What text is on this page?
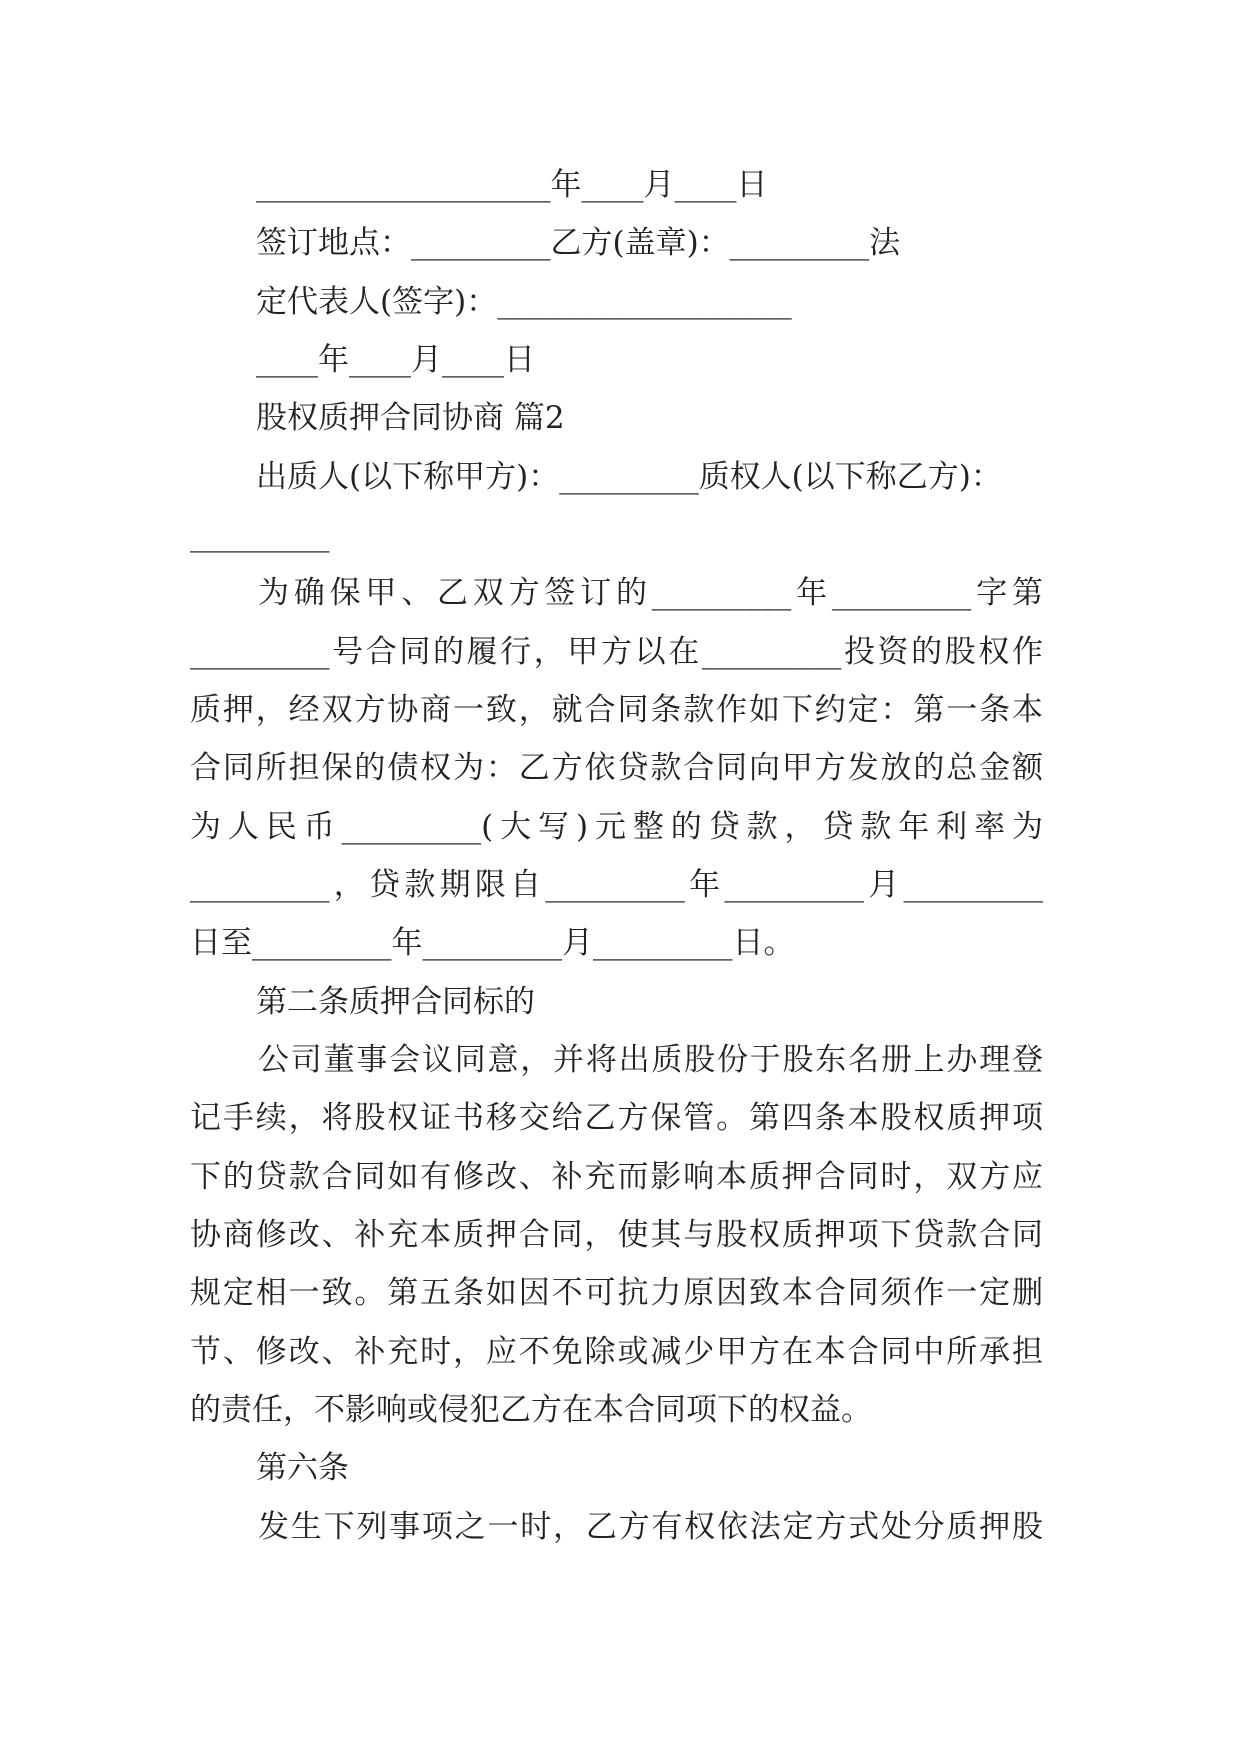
___________________年____月____日

签订地点：_________乙方(盖章)：_________法

定代表人(签字)：___________________

____年____月____日

股权质押合同协商 篇2

出质人(以下称甲方)：_________质权人(以下称乙方)：

_________

为确保甲、乙双方签订的_________年_________字第

_________号合同的履行，甲方以在_________投资的股权作

质押，经双方协商一致，就合同条款作如下约定：第一条本

合同所担保的债权为：乙方依贷款合同向甲方发放的总金额

为人民币_________(大写)元整的贷款，贷款年利率为

_________，贷款期限自_________年_________月_________

日至_________年_________月_________日。

第二条质押合同标的

公司董事会议同意，并将出质股份于股东名册上办理登

记手续，将股权证书移交给乙方保管。第四条本股权质押项

下的贷款合同如有修改、补充而影响本质押合同时，双方应

协商修改、补充本质押合同，使其与股权质押项下贷款合同

规定相一致。第五条如因不可抗力原因致本合同须作一定删

节、修改、补充时，应不免除或减少甲方在本合同中所承担

的责任，不影响或侵犯乙方在本合同项下的权益。

第六条

发生下列事项之一时，乙方有权依法定方式处分质押股
